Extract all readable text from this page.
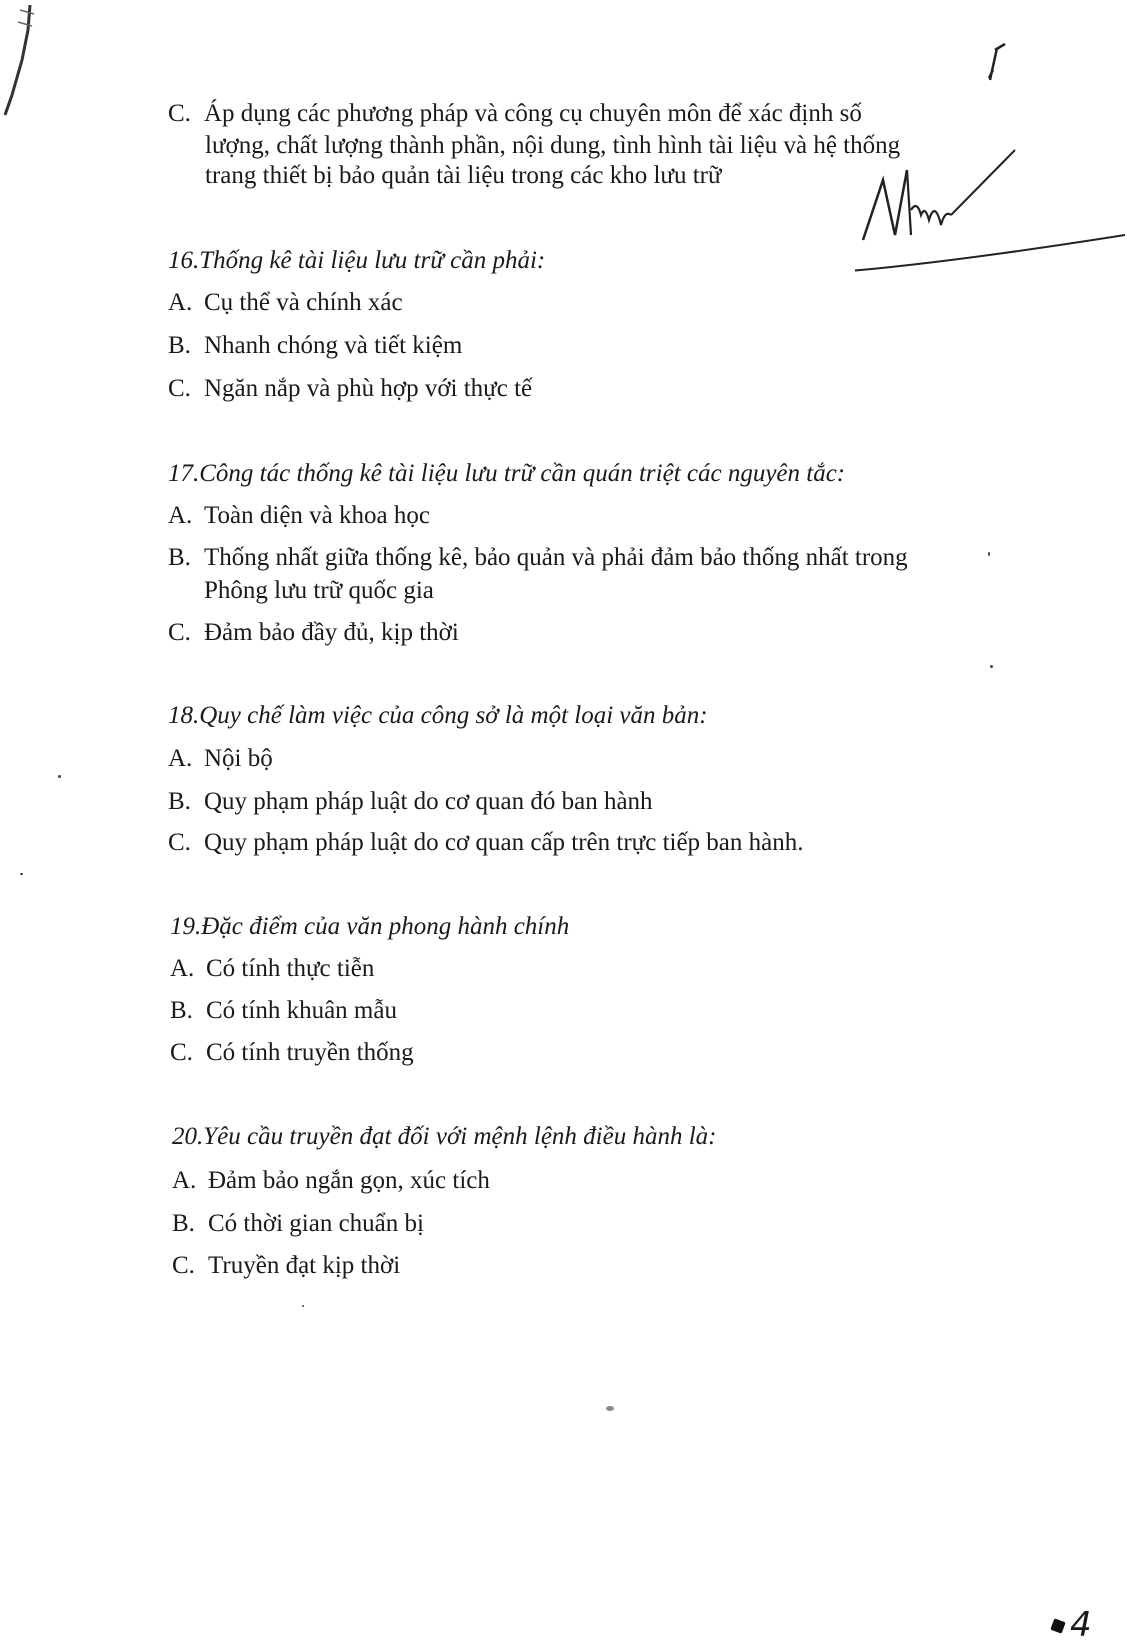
C. Áp dụng các phương pháp và công cụ chuyên môn để xác định số
lượng, chất lượng thành phần, nội dung, tình hình tài liệu và hệ thống
trang thiết bị bảo quản tài liệu trong các kho lưu trữ
16.Thống kê tài liệu lưu trữ cần phải:
A. Cụ thể và chính xác
B. Nhanh chóng và tiết kiệm
C. Ngăn nắp và phù hợp với thực tế
17.Công tác thống kê tài liệu lưu trữ cần quán triệt các nguyên tắc:
A. Toàn diện và khoa học
B. Thống nhất giữa thống kê, bảo quản và phải đảm bảo thống nhất trong
Phông lưu trữ quốc gia
C. Đảm bảo đầy đủ, kịp thời
18.Quy chế làm việc của công sở là một loại văn bản:
A. Nội bộ
B. Quy phạm pháp luật do cơ quan đó ban hành
C. Quy phạm pháp luật do cơ quan cấp trên trực tiếp ban hành.
19.Đặc điểm của văn phong hành chính
A. Có tính thực tiễn
B. Có tính khuân mẫu
C. Có tính truyền thống
20.Yêu cầu truyền đạt đối với mệnh lệnh điều hành là:
A. Đảm bảo ngắn gọn, xúc tích
B. Có thời gian chuẩn bị
C. Truyền đạt kịp thời
4
